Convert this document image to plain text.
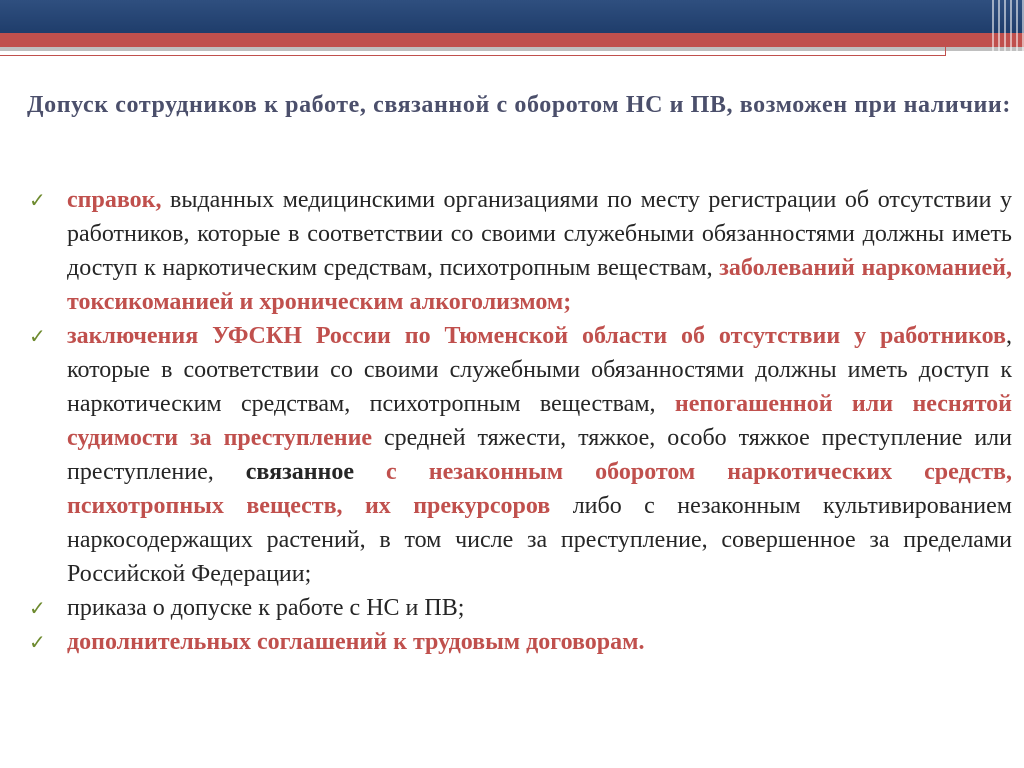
Допуск сотрудников к работе, связанной с оборотом НС и ПВ, возможен при наличии:
✓ справок, выданных медицинскими организациями по месту регистрации об отсутствии у работников, которые в соответствии со своими служебными обязанностями должны иметь доступ к наркотическим средствам, психотропным веществам, заболеваний наркоманией, токсикоманией и хроническим алкоголизмом;
✓ заключения УФСКН России по Тюменской области об отсутствии у работников, которые в соответствии со своими служебными обязанностями должны иметь доступ к наркотическим средствам, психотропным веществам, непогашенной или неснятой судимости за преступление средней тяжести, тяжкое, особо тяжкое преступление или преступление, связанное с незаконным оборотом наркотических средств, психотропных веществ, их прекурсоров либо с незаконным культивированием наркосодержащих растений, в том числе за преступление, совершенное за пределами Российской Федерации;
✓ приказа о допуске к работе с НС и ПВ;
✓ дополнительных соглашений к трудовым договорам.
